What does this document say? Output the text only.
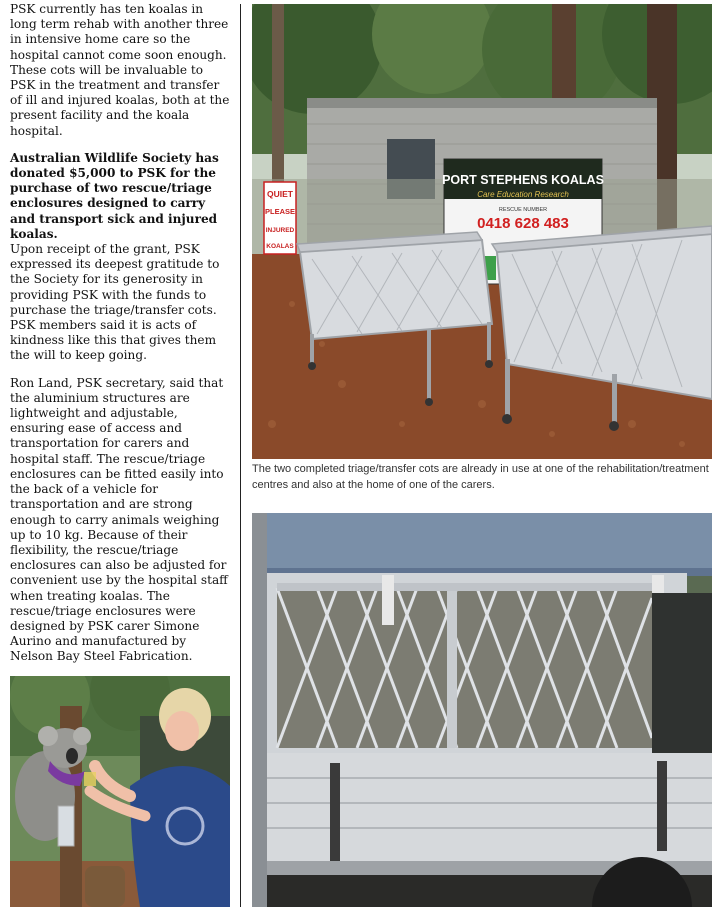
PSK currently has ten koalas in long term rehab with another three in intensive home care so the hospital cannot come soon enough. These cots will be invaluable to PSK in the treatment and transfer of ill and injured koalas, both at the present facility and the koala hospital.

Australian Wildlife Society has donated $5,000 to PSK for the purchase of two rescue/triage enclosures designed to carry and transport sick and injured koalas.

Upon receipt of the grant, PSK expressed its deepest gratitude to the Society for its generosity in providing PSK with the funds to purchase the triage/transfer cots. PSK members said it is acts of kindness like this that gives them the will to keep going.

Ron Land, PSK secretary, said that the aluminium structures are lightweight and adjustable, ensuring ease of access and transportation for carers and hospital staff. The rescue/triage enclosures can be fitted easily into the back of a vehicle for transportation and are strong enough to carry animals weighing up to 10 kg. Because of their flexibility, the rescue/triage enclosures can also be adjusted for convenient use by the hospital staff when treating koalas. The rescue/triage enclosures were designed by PSK carer Simone Aurino and manufactured by Nelson Bay Steel Fabrication.

PORT STEPHENS KOALAS
Care Education Research
RESCUE NUMBER
0418 628 483
QUIET
PLEASE
INJURED
KOALAS
The two completed triage/transfer cots are already in use at one of the rehabilitation/treatment centres and also at the home of one of the carers.
